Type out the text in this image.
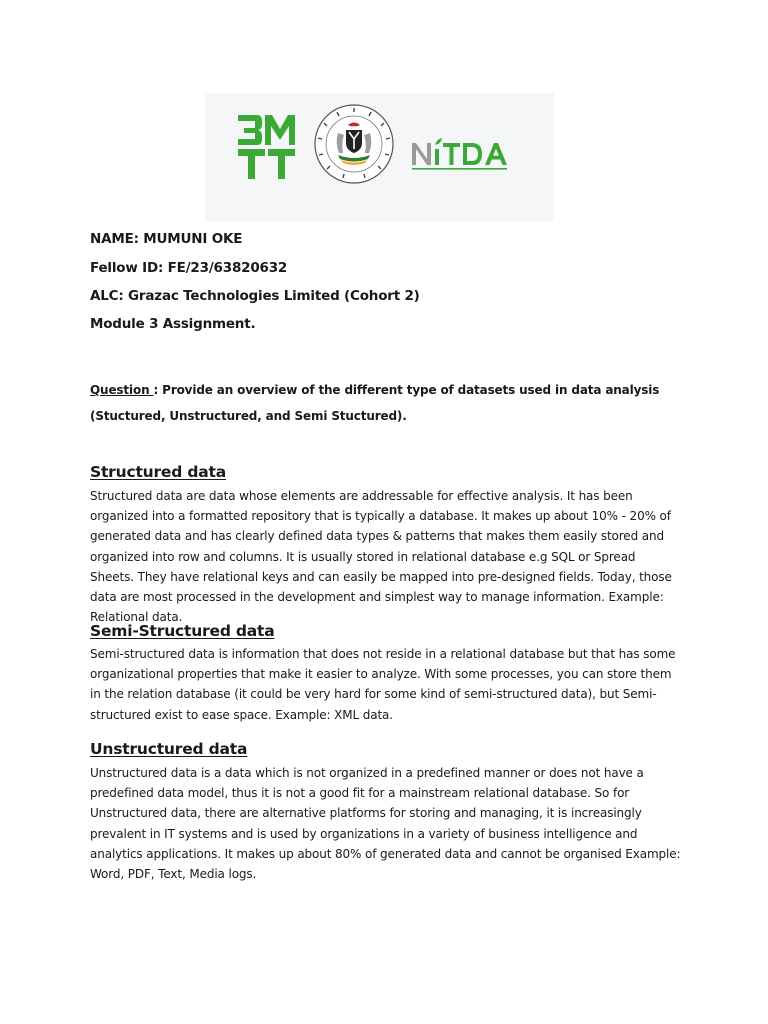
NAME: MUMUNI OKE
Fellow ID: FE/23/63820632
ALC: Grazac Technologies Limited (Cohort 2)
Module 3 Assignment.
Question : Provide an overview of the different type of datasets used in data analysis (Stuctured, Unstructured, and Semi Stuctured).
Structured data

Structured data are data whose elements are addressable for effective analysis. It has been organized into a formatted repository that is typically a database. It makes up about 10% - 20% of generated data and has clearly defined data types & patterns that makes them easily stored and organized into row and columns. It is usually stored in relational database e.g SQL or Spread Sheets. They have relational keys and can easily be mapped into pre-designed fields. Today, those data are most processed in the development and simplest way to manage information. Example: Relational data.

Semi-Structured data

Semi-structured data is information that does not reside in a relational database but that has some organizational properties that make it easier to analyze. With some processes, you can store them in the relation database (it could be very hard for some kind of semi-structured data), but Semi-structured exist to ease space. Example: XML data.

Unstructured data

Unstructured data is a data which is not organized in a predefined manner or does not have a predefined data model, thus it is not a good fit for a mainstream relational database. So for Unstructured data, there are alternative platforms for storing and managing, it is increasingly prevalent in IT systems and is used by organizations in a variety of business intelligence and analytics applications. It makes up about 80% of generated data and cannot be organised Example: Word, PDF, Text, Media logs.
